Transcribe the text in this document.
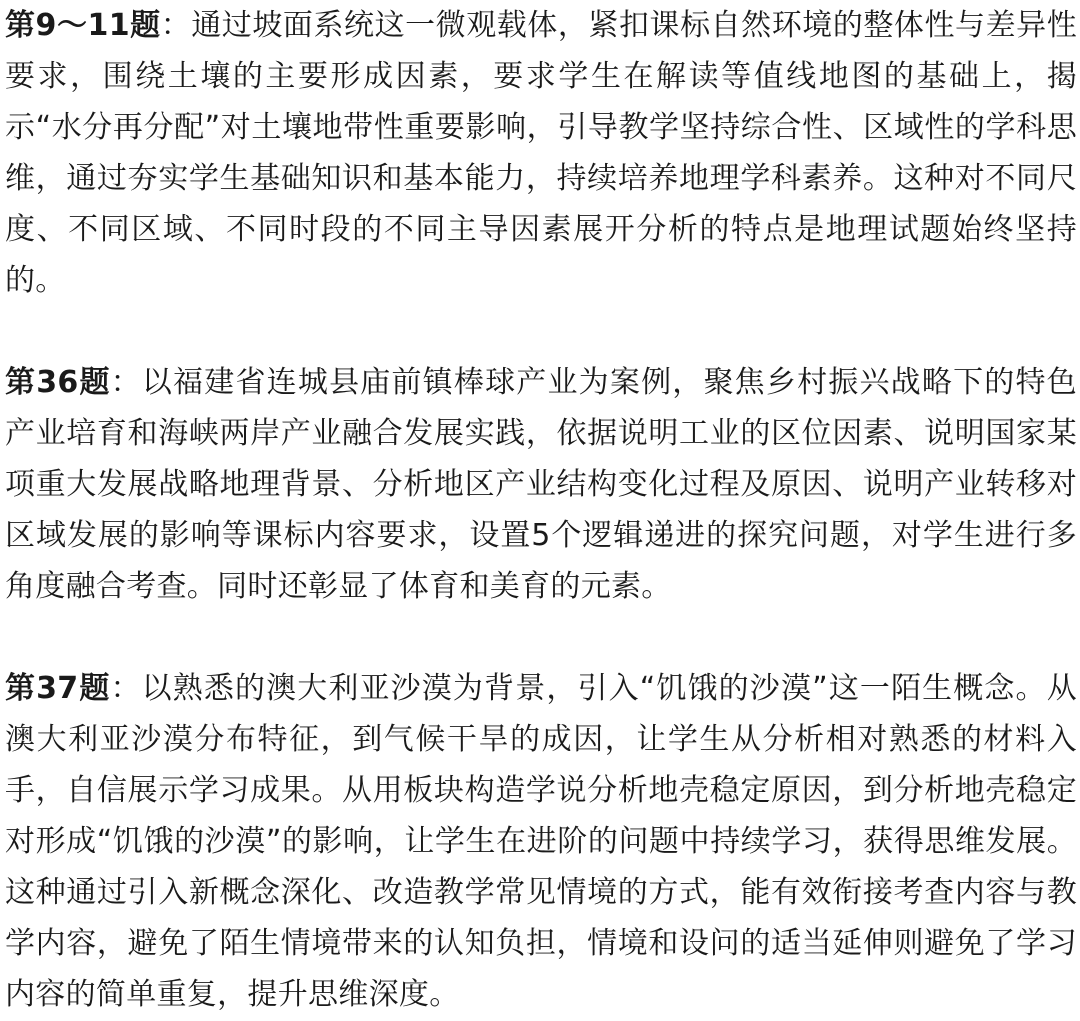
第9～11题：通过坡面系统这一微观载体，紧扣课标自然环境的整体性与差异性要求，围绕土壤的主要形成因素，要求学生在解读等值线地图的基础上，揭示“水分再分配”对土壤地带性重要影响，引导教学坚持综合性、区域性的学科思维，通过夯实学生基础知识和基本能力，持续培养地理学科素养。这种对不同尺度、不同区域、不同时段的不同主导因素展开分析的特点是地理试题始终坚持的。

第36题：以福建省连城县庙前镇棒球产业为案例，聚焦乡村振兴战略下的特色产业培育和海峡两岸产业融合发展实践，依据说明工业的区位因素、说明国家某项重大发展战略地理背景、分析地区产业结构变化过程及原因、说明产业转移对区域发展的影响等课标内容要求，设置5个逻辑递进的探究问题，对学生进行多角度融合考查。同时还彰显了体育和美育的元素。

第37题：以熟悉的澳大利亚沙漠为背景，引入“饥饿的沙漠”这一陌生概念。从澳大利亚沙漠分布特征，到气候干旱的成因，让学生从分析相对熟悉的材料入手，自信展示学习成果。从用板块构造学说分析地壳稳定原因，到分析地壳稳定对形成“饥饿的沙漠”的影响，让学生在进阶的问题中持续学习，获得思维发展。这种通过引入新概念深化、改造教学常见情境的方式，能有效衔接考查内容与教学内容，避免了陌生情境带来的认知负担，情境和设问的适当延伸则避免了学习内容的简单重复，提升思维深度。
